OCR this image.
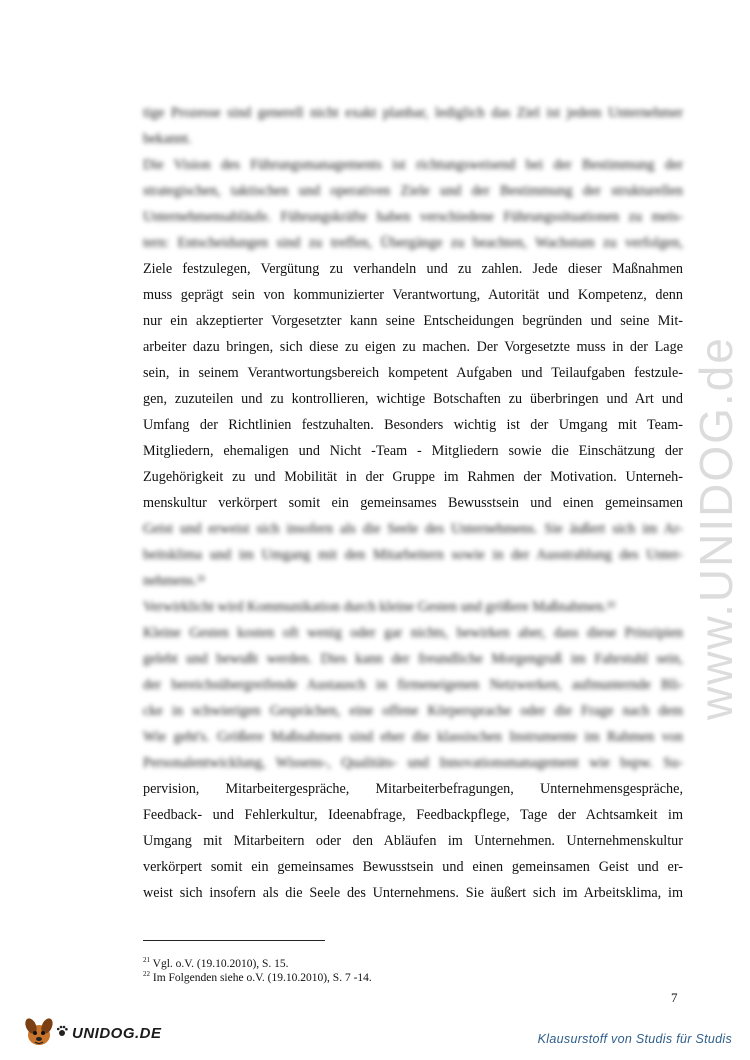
www.UNIDOG.de
tige Prozesse sind generell nicht exakt planbar, lediglich das Ziel ist jedem Unternehmer
bekannt.
Die Vision des Führungsmanagements ist richtungsweisend bei der Bestimmung der
strategischen, taktischen und operativen Ziele und der Bestimmung der strukturellen
Unternehmensabläufe. Führungskräfte haben verschiedene Führungssituationen zu meis-
tern: Entscheidungen sind zu treffen, Übergänge zu beachten, Wachstum zu verfolgen,
Ziele festzulegen, Vergütung zu verhandeln und zu zahlen. Jede dieser Maßnahmen
muss geprägt sein von kommunizierter Verantwortung, Autorität und Kompetenz, denn
nur ein akzeptierter Vorgesetzter kann seine Entscheidungen begründen und seine Mit-
arbeiter dazu bringen, sich diese zu eigen zu machen. Der Vorgesetzte muss in der Lage
sein, in seinem Verantwortungsbereich kompetent Aufgaben und Teilaufgaben festzule-
gen, zuzuteilen und zu kontrollieren, wichtige Botschaften zu überbringen und Art und
Umfang der Richtlinien festzuhalten. Besonders wichtig ist der Umgang mit Team-
Mitgliedern, ehemaligen und Nicht -Team - Mitgliedern sowie die Einschätzung der
Zugehörigkeit zu und Mobilität in der Gruppe im Rahmen der Motivation. Unterneh-
menskultur verkörpert somit ein gemeinsames Bewusstsein und einen gemeinsamen
Geist und erweist sich insofern als die Seele des Unternehmens. Sie äußert sich im Ar-
beitsklima und im Umgang mit den Mitarbeitern sowie in der Ausstrahlung des Unter-
nehmens.²¹
Verwirklicht wird Kommunikation durch kleine Gesten und größere Maßnahmen.²²
Kleine Gesten kosten oft wenig oder gar nichts, bewirken aber, dass diese Prinzipien
gelebt und bewußt werden. Dies kann der freundliche Morgengruß im Fahrstuhl sein,
der bereichsübergreifende Austausch in firmeneigenen Netzwerken, aufmunternde Bli-
cke in schwierigen Gesprächen, eine offene Körpersprache oder die Frage nach dem
Wie geht's. Größere Maßnahmen sind eher die klassischen Instrumente im Rahmen von
Personalentwicklung, Wissens-, Qualitäts- und Innovationsmanagement wie bspw. Su-
pervision, Mitarbeitergespräche, Mitarbeiterbefragungen, Unternehmensgespräche,
Feedback- und Fehlerkultur, Ideenabfrage, Feedbackpflege, Tage der Achtsamkeit im
Umgang mit Mitarbeitern oder den Abläufen im Unternehmen. Unternehmenskultur
verkörpert somit ein gemeinsames Bewusstsein und einen gemeinsamen Geist und er-
weist sich insofern als die Seele des Unternehmens. Sie äußert sich im Arbeitsklima, im
$^{21}$ Vgl. o.V. (19.10.2010), S. 15.
$^{22}$ Im Folgenden siehe o.V. (19.10.2010), S. 7 -14.
7
UNIDOG.DE	Klausurstoff von Studis für Studis
